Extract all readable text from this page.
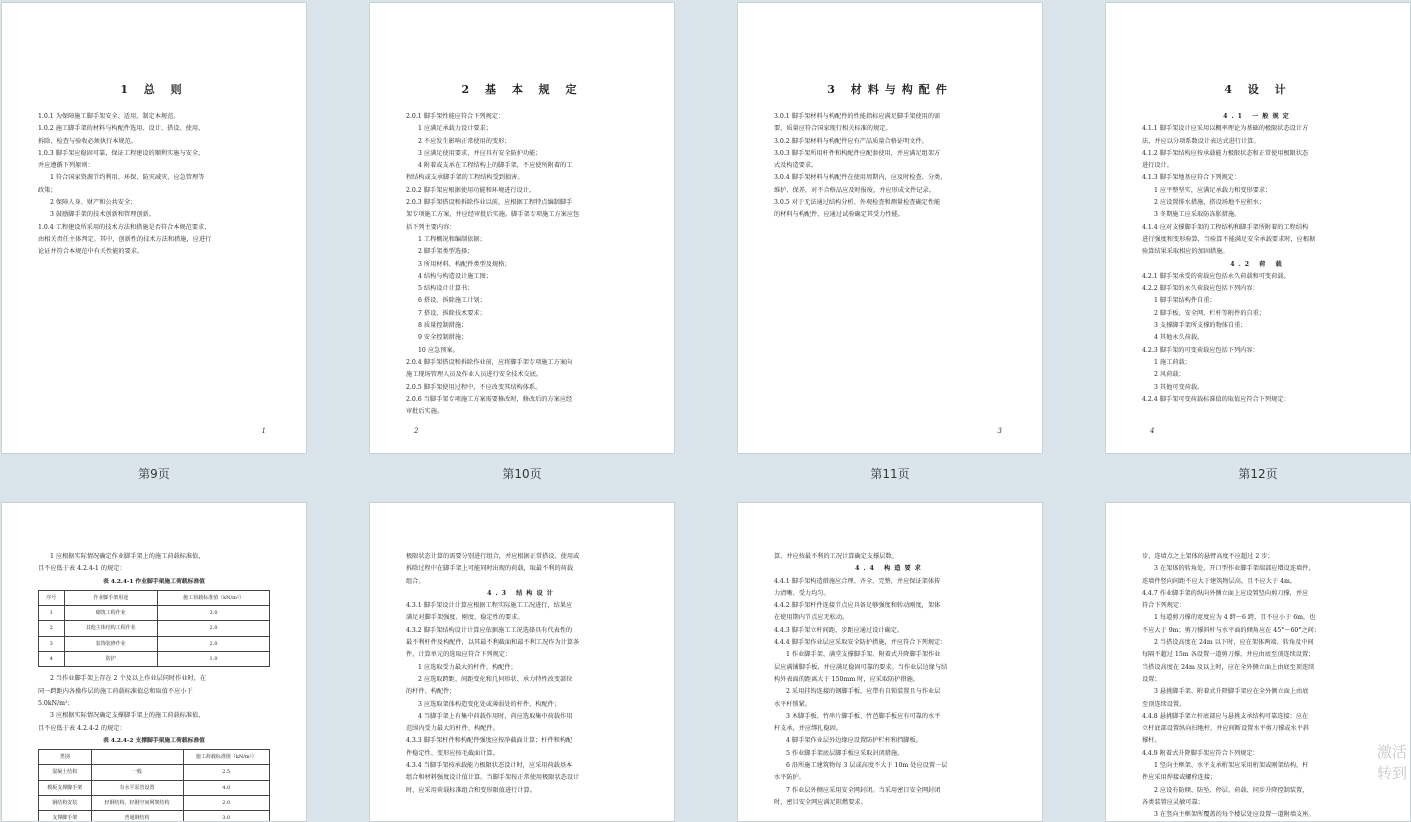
1 总 则

1.0.1 为保障施工脚手架安全、适用，制定本规范。

1.0.2 施工脚手架的材料与构配件选用、设计、搭设、使用、

拆除、检查与验收必须执行本规范。

1.0.3 脚手架应稳固可靠，保证工程建设的顺利实施与安全，

并应遵循下列原则：

1 符合国家资源节约利用、环保、防灾减灾、应急管理等

政策；

2 保障人身、财产和公共安全；

3 鼓励脚手架的技术创新和管理创新。

1.0.4 工程建设所采用的技术方法和措施是否符合本规范要求，

由相关责任主体判定。其中，创新性的技术方法和措施，应进行

论证并符合本规范中有关性能的要求。

1
第9页
2 基 本 规 定

2.0.1 脚手架性能应符合下列规定：

1 应满足承载力设计要求；

2 不应发生影响正常使用的变形；

3 应满足使用要求，并应具有安全防护功能；

4 附着或支承在工程结构上的脚手架，不应使所附着的工

程结构或支承脚手架的工程结构受到损害。

2.0.2 脚手架应根据使用功能和环境进行设计。

2.0.3 脚手架搭设和拆除作业以前，应根据工程特点编制脚手

架专项施工方案，并应经审批后实施。脚手架专项施工方案应包

括下列主要内容：

1 工程概况和编制依据；

2 脚手架类型选择；

3 所用材料、构配件类型及规格；

4 结构与构造设计施工图；

5 结构设计计算书；

6 搭设、拆除施工计划；

7 搭设、拆除技术要求；

8 质量控制措施；

9 安全控制措施；

10 应急预案。

2.0.4 脚手架搭设和拆除作业前，应将脚手架专项施工方案向

施工现场管理人员及作业人员进行安全技术交底。

2.0.5 脚手架使用过程中，不应改变其结构体系。

2.0.6 当脚手架专项施工方案需要修改时，修改后的方案应经

审批后实施。

2
第10页
3 材料与构配件

3.0.1 脚手架材料与构配件的性能指标应满足脚手架使用的需

要，质量应符合国家现行相关标准的规定。

3.0.2 脚手架材料与构配件应有产品质量合格证明文件。

3.0.3 脚手架所用杆件和构配件应配套使用，并应满足组架方

式及构造要求。

3.0.4 脚手架材料与构配件在使用周期内，应及时检查、分类、

维护、保养，对不合格品应及时报废，并应形成文件记录。

3.0.5 对于无法通过结构分析、外观检查和测量检查确定性能

的材料与构配件，应通过试验确定其受力性能。

3
第11页
4 设 计

4.1 一般规定

4.1.1 脚手架设计应采用以概率理论为基础的极限状态设计方

法，并应以分项系数设计表达式进行计算。

4.1.2 脚手架结构应按承载能力极限状态和正常使用极限状态

进行设计。

4.1.3 脚手架地基应符合下列规定：

1 应平整坚实，应满足承载力和变形要求；

2 应设置排水措施，搭设场地不应积水；

3 冬期施工应采取防冻胀措施。

4.1.4 应对支撑脚手架的工程结构和脚手架所附着的工程结构

进行强度和变形验算，当验算不能满足安全承载要求时，应根据

验算结果采取相应的加固措施。

4.2 荷 载

4.2.1 脚手架承受的荷载应包括永久荷载和可变荷载。

4.2.2 脚手架的永久荷载应包括下列内容：

1 脚手架结构件自重；

2 脚手板、安全网、栏杆等附件的自重；

3 支撑脚手架所支撑的物体自重；

4 其他永久荷载。

4.2.3 脚手架的可变荷载应包括下列内容：

1 施工荷载；

2 风荷载；

3 其他可变荷载。

4.2.4 脚手架可变荷载标准值的取值应符合下列规定：

4
第12页

1 应根据实际情况确定作业脚手架上的施工荷载标准值，

且不应低于表 4.2.4-1 的规定：

表 4.2.4-1 作业脚手架施工荷载标准值
序号	作业脚手架用途	施工荷载标准值（kN/m²）
1	砌筑工程作业	3.0
2	其他主体结构工程作业	2.0
3	装饰装修作业	2.0
4	防护	1.0

2 当作业脚手架上存在 2 个及以上作业层同时作业时，在

同一跨距内各操作层的施工荷载标准值总和取值不应小于

5.0kN/m²；

3 应根据实际情况确定支撑脚手架上的施工荷载标准值，

且不应低于表 4.2.4-2 的规定：

表 4.2.4-2 支撑脚手架施工荷载标准值
类别		施工荷载标准值（kN/m²）
混凝土结构	一般	2.5
模板支撑脚手架	有水平泵管设置	4.0
钢结构安装	轻钢结构、轻钢空间网架结构	2.0
支撑脚手架	普通钢结构	3.0

极限状态计算的需要分别进行组合，并应根据正常搭设、使用或

拆除过程中在脚手架上可能同时出现的荷载，取最不利的荷载

组合。

4.3 结构设计

4.3.1 脚手架设计计算应根据工程实际施工工况进行，结果应

满足对脚手架强度、刚度、稳定性的要求。

4.3.2 脚手架结构设计计算应依据施工工况选择具有代表性的

最不利杆件及构配件，以其最不利截面和最不利工况作为计算条

件，计算单元的选取应符合下列规定：

1 应选取受力最大的杆件、构配件；

2 应选取跨距、间距变化和几何形状、承力特性改变部位

的杆件、构配件；

3 应选取架体构造变化处或薄弱处的杆件、构配件；

4 当脚手架上有集中荷载作用时，尚应选取集中荷载作用

范围内受力最大的杆件、构配件。

4.3.3 脚手架杆件和构配件强度应按净截面计算；杆件和构配

件稳定性、变形应按毛截面计算。

4.3.4 当脚手架按承载能力极限状态设计时，应采用荷载基本

组合和材料强度设计值计算。当脚手架按正常使用极限状态设计

时，应采用荷载标准组合和变形限值进行计算。

算，并应按最不利的工况计算确定支撑层数。

4.4 构造要求

4.4.1 脚手架构造措施应合理、齐全、完整，并应保证架体传

力清晰、受力均匀。

4.4.2 脚手架杆件连接节点应具备足够强度和转动刚度，架体

在使用期内节点应无松动。

4.4.3 脚手架立杆间距、步距应通过设计确定。

4.4.4 脚手架作业层应采取安全防护措施，并应符合下列规定：

1 作业脚手架、满堂支撑脚手架、附着式升降脚手架作业

层应满铺脚手板，并应满足稳固可靠的要求。当作业层边缘与结

构外表面的距离大于 150mm 时，应采取防护措施。

2 采用挂钩连接的钢脚手板，应带有自锁装置且与作业层

水平杆锁紧。

3 木脚手板、竹串片脚手板、竹芭脚手板应有可靠的水平

杆支承，并应绑扎稳固。

4 脚手架作业层外边缘应设置防护栏杆和挡脚板。

5 作业脚手架底层脚手板应采取封闭措施。

6 沿所施工建筑物每 3 层或高度不大于 10m 处应设置一层

水平防护。

7 作业层外侧应采用安全网封闭。当采用密目安全网封闭

时，密目安全网应满足阻燃要求。

步，连墙点之上架体的悬臂高度不应超过 2 步；

3 在架体的转角处、开口型作业脚手架端部应增设连墙件，

连墙件竖向间距不应大于建筑物层高，且不应大于 4m。

4.4.7 作业脚手架的纵向外侧立面上应设置竖向剪刀撑，并应

符合下列规定：

1 每道剪刀撑的宽度应为 4 跨～6 跨，且不应小于 6m，也

不应大于 9m；剪刀撑斜杆与水平面的倾角应在 45°～60°之间；

2 当搭设高度在 24m 以下时，应在架体两端、转角及中间

每隔不超过 15m 各设置一道剪刀撑，并应由底至顶连续设置；

当搭设高度在 24m 及以上时，应在全外侧立面上由底至顶连续

设置；

3 悬挑脚手架、附着式升降脚手架应在全外侧立面上由底

至顶连续设置。

4.4.8 悬挑脚手架立杆底部应与悬挑支承结构可靠连接；应在

立杆底部设置纵向扫地杆，并应间断设置水平剪刀撑或水平斜

撑杆。

4.4.9 附着式升降脚手架应符合下列规定：

1 竖向主框架、水平支承桁架应采用桁架或刚架结构，杆

件应采用焊接或螺栓连接；

2 应设有防倾、防坠、停层、荷载、同步升降控制装置，

各类装置应灵敏可靠；

3 在竖向主框架所覆盖的每个楼层处应设置一道附墙支座。

激活
转到
